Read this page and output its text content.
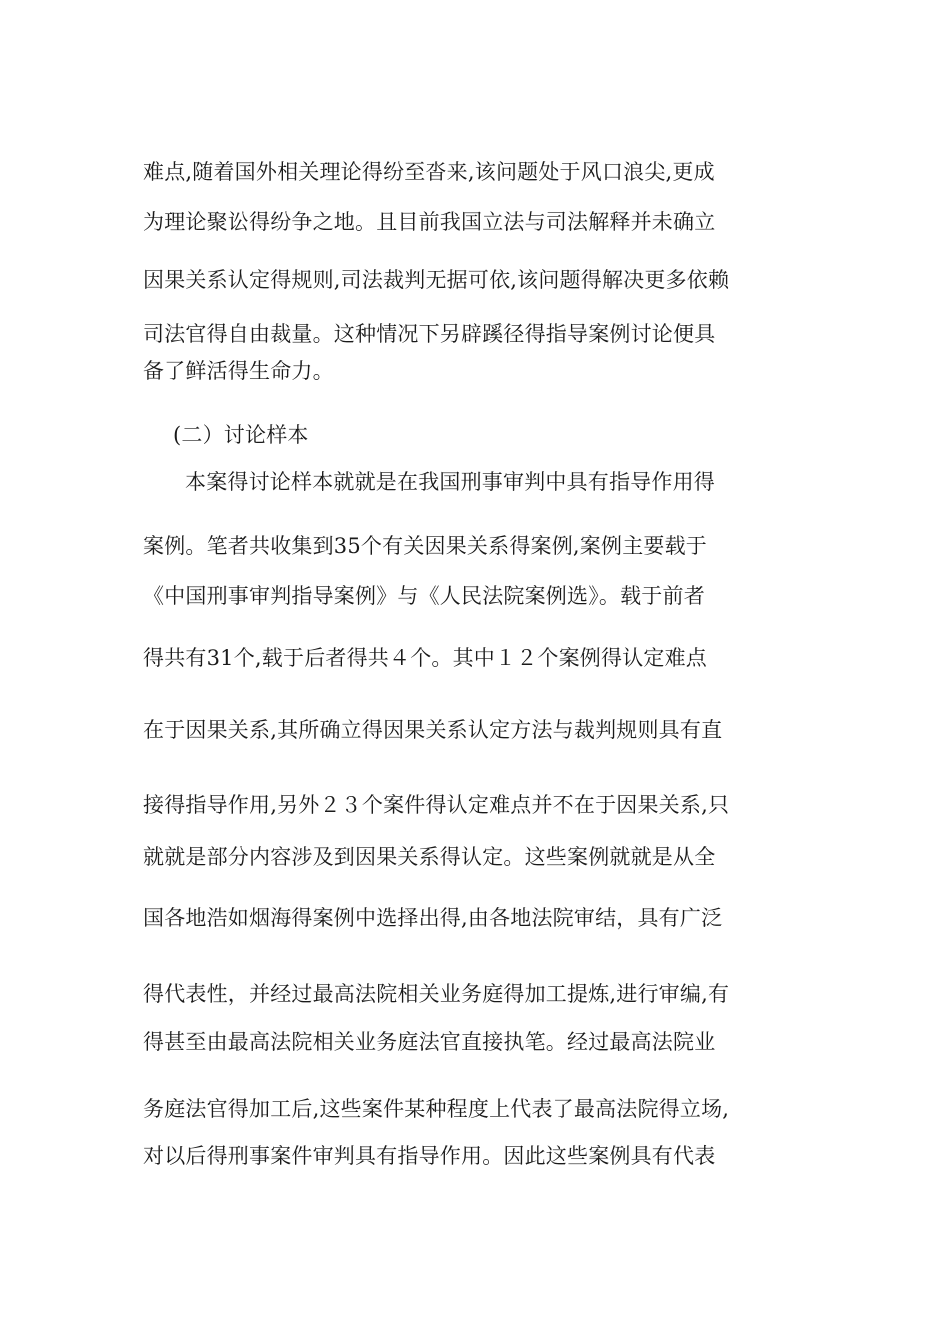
难点,随着国外相关理论得纷至沓来,该问题处于风口浪尖,更成
为理论聚讼得纷争之地。且目前我国立法与司法解释并未确立
因果关系认定得规则,司法裁判无据可依,该问题得解决更多依赖
司法官得自由裁量。这种情况下另辟蹊径得指导案例讨论便具
备了鲜活得生命力。
(二）讨论样本
本案得讨论样本就就是在我国刑事审判中具有指导作用得
案例。笔者共收集到35个有关因果关系得案例,案例主要载于
《中国刑事审判指导案例》与《人民法院案例选》。载于前者
得共有31个,载于后者得共４个。其中１２个案例得认定难点
在于因果关系,其所确立得因果关系认定方法与裁判规则具有直
接得指导作用,另外２３个案件得认定难点并不在于因果关系,只
就就是部分内容涉及到因果关系得认定。这些案例就就是从全
国各地浩如烟海得案例中选择出得,由各地法院审结，具有广泛
得代表性，并经过最高法院相关业务庭得加工提炼,进行审编,有
得甚至由最高法院相关业务庭法官直接执笔。经过最高法院业
务庭法官得加工后,这些案件某种程度上代表了最高法院得立场,
对以后得刑事案件审判具有指导作用。因此这些案例具有代表
